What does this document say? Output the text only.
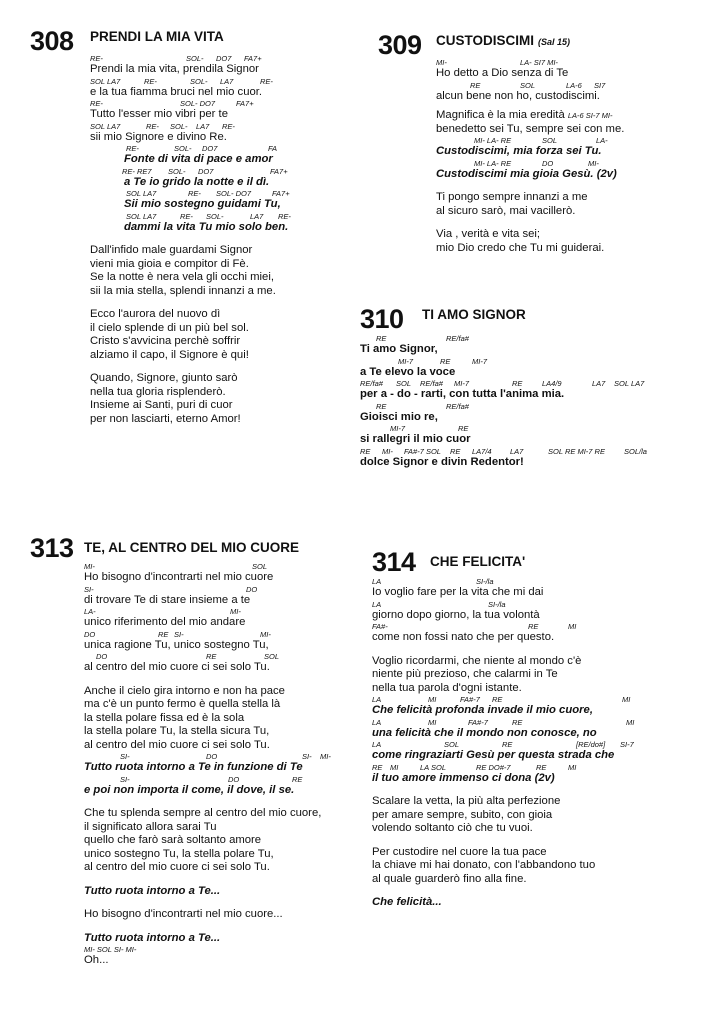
308 PRENDI LA MIA VITA
RE-	SOL- DO7 FA7+
Prendi la mia vita, prendila Signor
SOL LA7	RE-	SOL- LA7	RE-
e la tua fiamma bruci nel mio cuor.
RE-	SOL- DO7	FA7+
Tutto l'esser mio vibri per te
SOL LA7	RE- SOL- LA7 RE-
sii mio Signore e divino Re.
RE-	SOL- DO7	FA
Fonte di vita di pace e amor
RE- RE7 SOL- DO7	FA7+
a Te io grido la notte e il dì.
SOL LA7	RE- SOL- DO7	FA7+
Sii mio sostegno guidami Tu,
SOL LA7	RE- SOL-	LA7 RE-
dammi la vita Tu mio solo ben.
Dall'infido male guardami Signor
vieni mia gioia e compitor di Fè.
Se la notte è nera vela gli occhi miei,
sii la mia stella, splendi innanzi a me.
Ecco l'aurora del nuovo dì
il cielo splende di un più bel sol.
Cristo s'avvicina perchè soffrir
alziamo il capo, il Signore è qui!
Quando, Signore, giunto sarò
nella tua gloria risplenderò.
Insieme ai Santi, puri di cuor
per non lasciarti, eterno Amor!
309 CUSTODISCIMI (Sal 15)
MI-	LA- SI7 MI-
Ho detto a Dio senza di Te
RE	SOL	LA-6 SI7
alcun bene non ho, custodiscimi.
Magnifica è la mia eredità LA-6 SI-7 MI-
benedetto sei Tu, sempre sei con me.
MI- LA- RE	SOL	LA-
Custodiscimi, mia forza sei Tu.
MI- LA- RE	DO	MI-
Custodiscimi mia gioia Gesù. (2v)
Ti pongo sempre innanzi a me
al sicuro sarò, mai vacillerò.
Via , verità e vita sei;
mio Dio credo che Tu mi guiderai.
310 TI AMO SIGNOR
RE	RE/fa#
Ti amo Signor,
MI-7	RE	MI-7
a Te elevo la voce
RE/fa# SOL RE/fa# MI-7	RE	LA4/9	LA7 SOL LA7
per a - do - rarti, con tutta l'anima mia.
RE	RE/fa#
Gioisci mio re,
MI-7	RE
si rallegri il mio cuor
RE MI- FA#-7 SOL RE LA7/4 LA7	SOL RE MI-7 RE	SOL/la
dolce Signor e divin Redentor!
313 TE, AL CENTRO DEL MIO CUORE
MI-	SOL
Ho bisogno d'incontrarti nel mio cuore
SI-	DO
di trovare Te di stare insieme a te
LA-	MI-
unico riferimento del mio andare
DO	RE SI-	MI-
unica ragione Tu, unico sostegno Tu,
DO	RE	SOL
al centro del mio cuore ci sei solo Tu.
Anche il cielo gira intorno e non ha pace
ma c'è un punto fermo è quella stella là
la stella polare fissa ed è la sola
la stella polare Tu, la stella sicura Tu,
al centro del mio cuore ci sei solo Tu.
SI-	DO	SI- MI-
Tutto ruota intorno a Te in funzione di Te
SI-	DO	RE
e poi non importa il come, il dove, il se.
Che tu splenda sempre al centro del mio cuore,
il significato allora sarai Tu
quello che farò sarà soltanto amore
unico sostegno Tu, la stella polare Tu,
al centro del mio cuore ci sei solo Tu.
Tutto ruota intorno a Te...
Ho bisogno d'incontrarti nel mio cuore...
Tutto ruota intorno a Te...
MI- SOL SI- MI-
Oh...
314 CHE FELICITA'
LA	SI-/la
Io voglio fare per la vita che mi dai
LA	SI-/la
giorno dopo giorno, la tua volontà
FA#-	RE	MI
come non fossi nato che per questo.
Voglio ricordarmi, che niente al mondo c'è
niente più prezioso, che calarmi in Te
nella tua parola d'ogni istante.
LA	MI	FA#-7 RE	MI
Che felicità profonda invade il mio cuore,
LA	MI	FA#-7	RE	MI
una felicità che il mondo non conosce, no
LA	SOL	RE	[RE/do#] SI-7
come ringraziarti Gesù per questa strada che
RE MI	LA SOL	RE DO#-7	RE	MI
il tuo amore immenso ci dona (2v)
Scalare la vetta, la più alta perfezione
per amare sempre, subito, con gioia
volendo soltanto ciò che tu vuoi.
Per custodire nel cuore la tua pace
la chiave mi hai donato, con l'abbandono tuo
al quale guarderò fino alla fine.
Che felicità...
